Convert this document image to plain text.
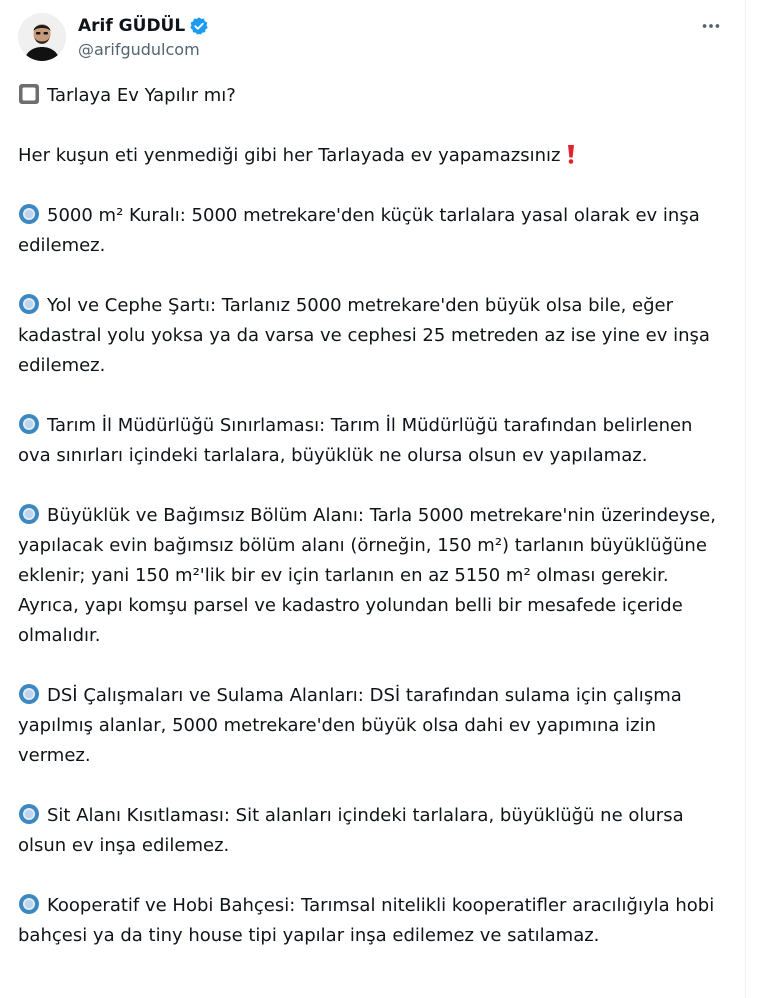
Arif GÜDÜL
@arifgudulcom

Tarlaya Ev Yapılır mı?

Her kuşun eti yenmediği gibi her Tarlayada ev yapamazsınız

5000 m² Kuralı: 5000 metrekare'den küçük tarlalara yasal olarak ev inşa edilemez.

Yol ve Cephe Şartı: Tarlanız 5000 metrekare'den büyük olsa bile, eğer kadastral yolu yoksa ya da varsa ve cephesi 25 metreden az ise yine ev inşa edilemez.

Tarım İl Müdürlüğü Sınırlaması: Tarım İl Müdürlüğü tarafından belirlenen ova sınırları içindeki tarlalara, büyüklük ne olursa olsun ev yapılamaz.

Büyüklük ve Bağımsız Bölüm Alanı: Tarla 5000 metrekare'nin üzerindeyse, yapılacak evin bağımsız bölüm alanı (örneğin, 150 m²) tarlanın büyüklüğüne eklenir; yani 150 m²'lik bir ev için tarlanın en az 5150 m² olması gerekir. Ayrıca, yapı komşu parsel ve kadastro yolundan belli bir mesafede içeride olmalıdır.

DSİ Çalışmaları ve Sulama Alanları: DSİ tarafından sulama için çalışma yapılmış alanlar, 5000 metrekare'den büyük olsa dahi ev yapımına izin vermez.

Sit Alanı Kısıtlaması: Sit alanları içindeki tarlalara, büyüklüğü ne olursa olsun ev inşa edilemez.

Kooperatif ve Hobi Bahçesi: Tarımsal nitelikli kooperatifler aracılığıyla hobi bahçesi ya da tiny house tipi yapılar inşa edilemez ve satılamaz.
